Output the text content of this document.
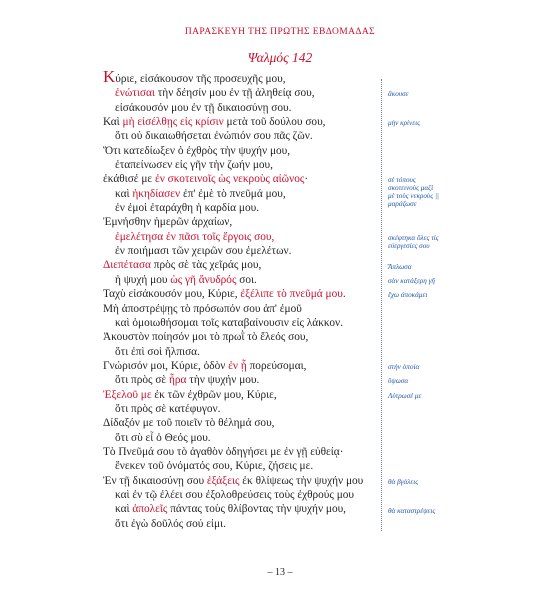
ΠΑΡΑΣΚΕΥΗ ΤΗΣ ΠΡΩΤΗΣ ΕΒΔΟΜΑΔΑΣ
Ψαλμός 142
Κύριε, εἰσάκουσον τῆς προσευχῆς μου,
ἐνώτισαι τὴν δέησίν μου ἐν τῇ ἀληθείᾳ σου,
εἰσάκουσόν μου ἐν τῇ δικαιοσύνῃ σου.
Καὶ μὴ εἰσέλθῃς εἰς κρίσιν μετὰ τοῦ δούλου σου,
ὅτι οὐ δικαιωθήσεται ἐνώπιόν σου πᾶς ζῶν.
Ὅτι κατεδίωξεν ὁ ἐχθρὸς τὴν ψυχήν μου,
ἐταπείνωσεν εἰς γῆν τὴν ζωήν μου,
ἐκάθισέ με ἐν σκοτεινοῖς ὡς νεκροὺς αἰῶνος·
καὶ ἠκηδίασεν ἐπ' ἐμὲ τὸ πνεῦμά μου,
ἐν ἐμοὶ ἐταράχθη ἡ καρδία μου.
Ἐμνήσθην ἡμερῶν ἀρχαίων,
ἐμελέτησα ἐν πᾶσι τοῖς ἔργοις σου,
ἐν ποιήμασι τῶν χειρῶν σου ἐμελέτων.
Διεπέτασα πρὸς σὲ τὰς χεῖράς μου,
ἡ ψυχή μου ὡς γῆ ἄνυδρός σοι.
Ταχὺ εἰσάκουσόν μου, Κύριε, ἐξέλιπε τὸ πνεῦμά μου.
Μὴ ἀποστρέψῃς τὸ πρόσωπόν σου ἀπ' ἐμοῦ
καὶ ὁμοιωθήσομαι τοῖς καταβαίνουσιν εἰς λάκκον.
Ἀκουστὸν ποίησόν μοι τὸ πρωῒ τὸ ἔλεός σου,
ὅτι ἐπὶ σοὶ ἤλπισα.
Γνώρισόν μοι, Κύριε, ὁδὸν ἐν ᾗ πορεύσομαι,
ὅτι πρὸς σὲ ἦρα τὴν ψυχήν μου.
Ἐξελοῦ με ἐκ τῶν ἐχθρῶν μου, Κύριε,
ὅτι πρὸς σὲ κατέφυγον.
Δίδαξόν με τοῦ ποιεῖν τὸ θέλημά σου,
ὅτι σὺ εἶ ὁ Θεός μου.
Τὸ Πνεῦμά σου τὸ ἀγαθὸν ὁδηγήσει με ἐν γῇ εὐθείᾳ·
ἕνεκεν τοῦ ὀνόματός σου, Κύριε, ζήσεις με.
Ἐν τῇ δικαιοσύνῃ σου ἐξάξεις ἐκ θλίψεως τὴν ψυχήν μου
καὶ ἐν τῷ ἐλέει σου ἐξολοθρεύσεις τοὺς ἐχθρούς μου
καὶ ἀπολεῖς πάντας τοὺς θλίβοντας τὴν ψυχήν μου,
ὅτι ἐγὼ δοῦλός σού εἰμι.
ἄκουσε
μὴν κρίνεις
σὲ τόπους
σκοτεινοὺς μαζὶ
μὲ τοὺς νεκροὺς ||
μαράζωσε
σκέφτηκα ὅλες τὶς
εὐεργεσίες σου
Ἅπλωσα
σὰν κατάξερη γῆ
ἔχω ἀποκάμει
στὴν ὁποία
ὕψωσα
Λύτρωσέ με
θὰ βγάλεις
θὰ καταστρέψεις
– 13 –
